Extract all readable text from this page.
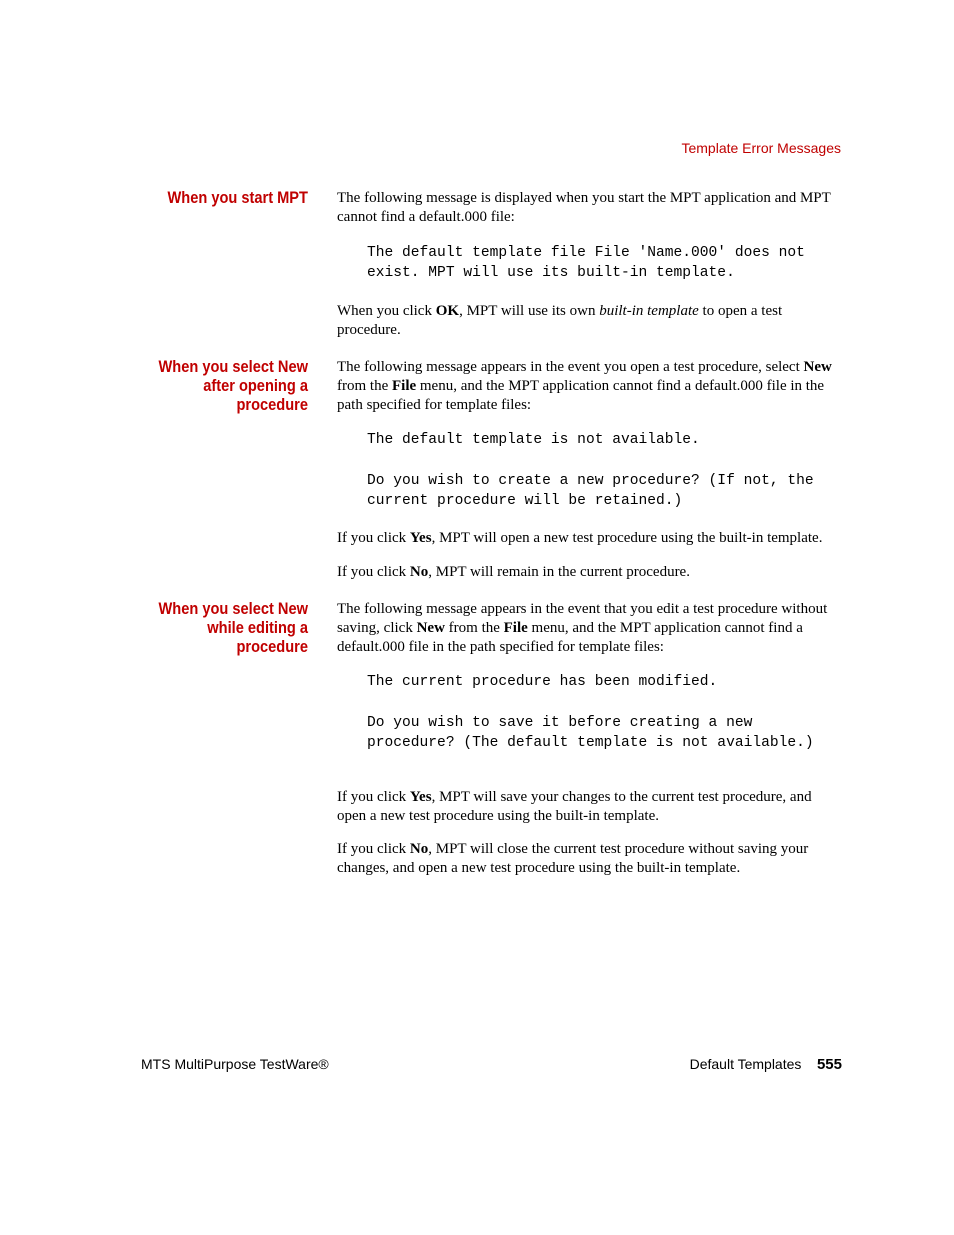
Template Error Messages
When you start MPT The following message is displayed when you start the MPT application and MPT cannot find a default.000 file:

The default template file File 'Name.000' does not
exist. MPT will use its built-in template.

When you click OK, MPT will use its own built-in template to open a test procedure.

When you select New
after opening a
procedure

The following message appears in the event you open a test procedure, select New from the File menu, and the MPT application cannot find a default.000 file in the path specified for template files:

The default template is not available.
Do you wish to create a new procedure? (If not, the
current procedure will be retained.)

If you click Yes, MPT will open a new test procedure using the built-in template.

If you click No, MPT will remain in the current procedure.

When you select New
while editing a
procedure

The following message appears in the event that you edit a test procedure without saving, click New from the File menu, and the MPT application cannot find a default.000 file in the path specified for template files:

The current procedure has been modified.
Do you wish to save it before creating a new
procedure? (The default template is not available.)

If you click Yes, MPT will save your changes to the current test procedure, and open a new test procedure using the built-in template.

If you click No, MPT will close the current test procedure without saving your changes, and open a new test procedure using the built-in template.

MTS MultiPurpose TestWare®	Default Templates 555
